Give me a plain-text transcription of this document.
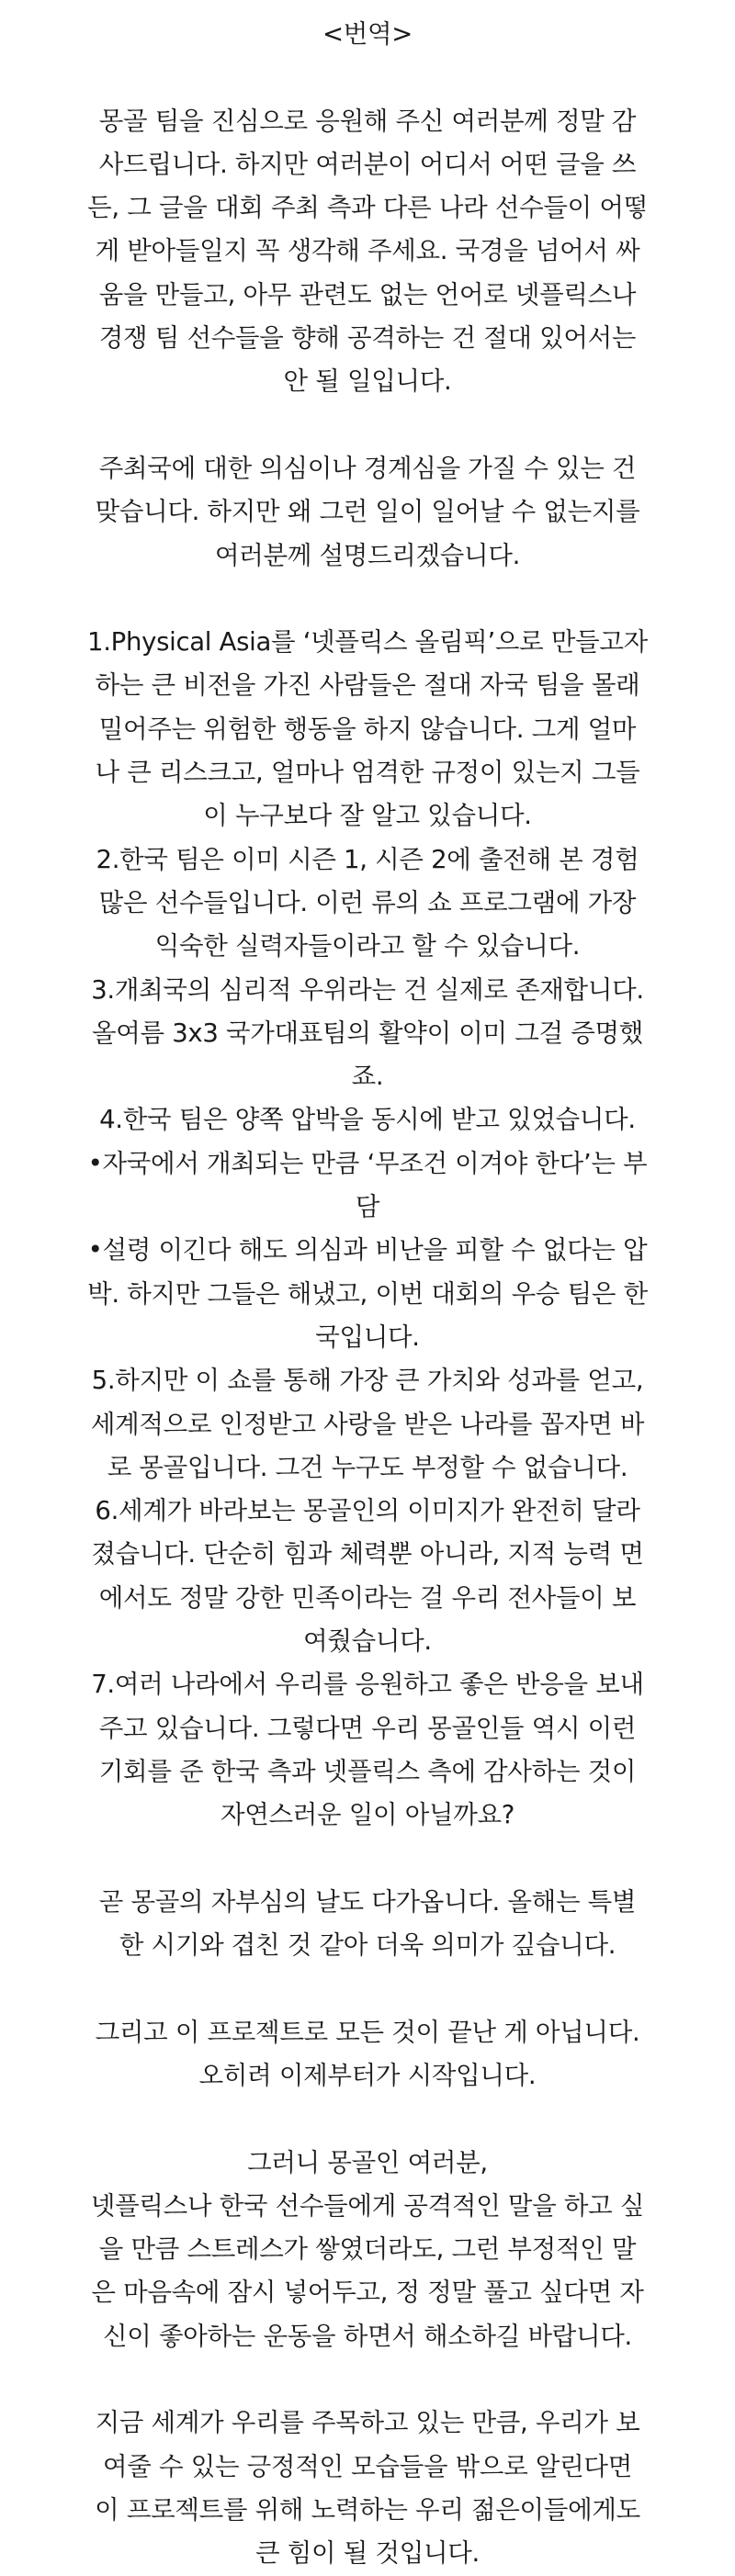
<번역>
몽골 팀을 진심으로 응원해 주신 여러분께 정말 감
사드립니다. 하지만 여러분이 어디서 어떤 글을 쓰
든, 그 글을 대회 주최 측과 다른 나라 선수들이 어떻
게 받아들일지 꼭 생각해 주세요. 국경을 넘어서 싸
움을 만들고, 아무 관련도 없는 언어로 넷플릭스나
경쟁 팀 선수들을 향해 공격하는 건 절대 있어서는
안 될 일입니다.
주최국에 대한 의심이나 경계심을 가질 수 있는 건
맞습니다. 하지만 왜 그런 일이 일어날 수 없는지를
여러분께 설명드리겠습니다.
1.Physical Asia를 ‘넷플릭스 올림픽’으로 만들고자
하는 큰 비전을 가진 사람들은 절대 자국 팀을 몰래
밀어주는 위험한 행동을 하지 않습니다. 그게 얼마
나 큰 리스크고, 얼마나 엄격한 규정이 있는지 그들
이 누구보다 잘 알고 있습니다.
2.한국 팀은 이미 시즌 1, 시즌 2에 출전해 본 경험
많은 선수들입니다. 이런 류의 쇼 프로그램에 가장
익숙한 실력자들이라고 할 수 있습니다.
3.개최국의 심리적 우위라는 건 실제로 존재합니다.
올여름 3x3 국가대표팀의 활약이 이미 그걸 증명했
죠.
4.한국 팀은 양쪽 압박을 동시에 받고 있었습니다.
•자국에서 개최되는 만큼 ‘무조건 이겨야 한다’는 부
담
•설령 이긴다 해도 의심과 비난을 피할 수 없다는 압
박. 하지만 그들은 해냈고, 이번 대회의 우승 팀은 한
국입니다.
5.하지만 이 쇼를 통해 가장 큰 가치와 성과를 얻고,
세계적으로 인정받고 사랑을 받은 나라를 꼽자면 바
로 몽골입니다. 그건 누구도 부정할 수 없습니다.
6.세계가 바라보는 몽골인의 이미지가 완전히 달라
졌습니다. 단순히 힘과 체력뿐 아니라, 지적 능력 면
에서도 정말 강한 민족이라는 걸 우리 전사들이 보
여줬습니다.
7.여러 나라에서 우리를 응원하고 좋은 반응을 보내
주고 있습니다. 그렇다면 우리 몽골인들 역시 이런
기회를 준 한국 측과 넷플릭스 측에 감사하는 것이
자연스러운 일이 아닐까요?
곧 몽골의 자부심의 날도 다가옵니다. 올해는 특별
한 시기와 겹친 것 같아 더욱 의미가 깊습니다.
그리고 이 프로젝트로 모든 것이 끝난 게 아닙니다.
오히려 이제부터가 시작입니다.
그러니 몽골인 여러분,
넷플릭스나 한국 선수들에게 공격적인 말을 하고 싶
을 만큼 스트레스가 쌓였더라도, 그런 부정적인 말
은 마음속에 잠시 넣어두고, 정 정말 풀고 싶다면 자
신이 좋아하는 운동을 하면서 해소하길 바랍니다.
지금 세계가 우리를 주목하고 있는 만큼, 우리가 보
여줄 수 있는 긍정적인 모습들을 밖으로 알린다면
이 프로젝트를 위해 노력하는 우리 젊은이들에게도
큰 힘이 될 것입니다.
